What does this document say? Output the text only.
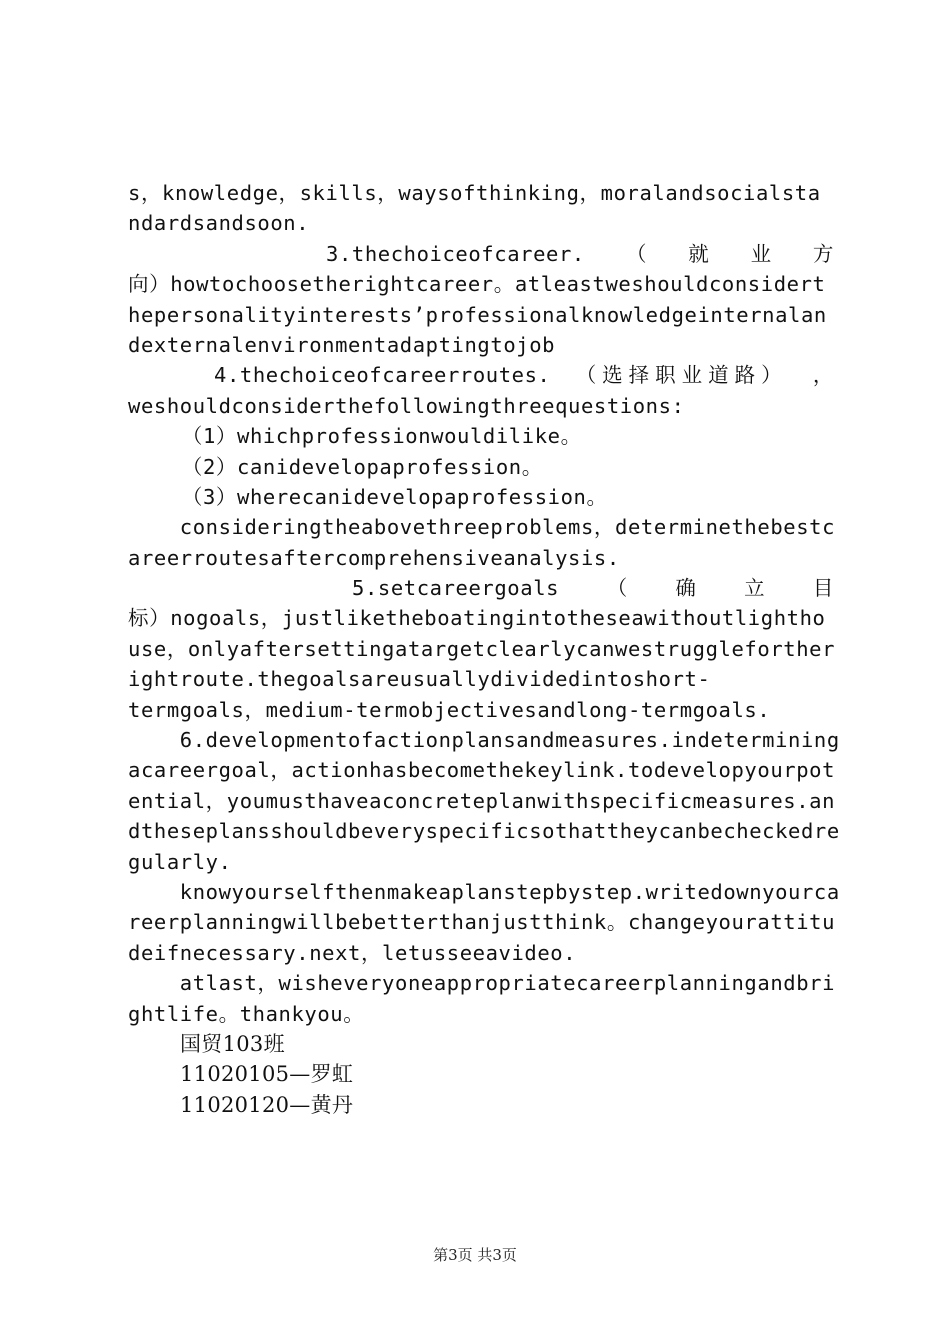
s，knowledge，skills，waysofthinking，moralandsocialsta
ndardsandsoon.
3.thechoiceofcareer. （ 就 业 方
向）howtochoosetherightcareer。atleastweshouldconsidert
hepersonalityinterests’professionalknowledgeinternalan
dexternalenvironmentadaptingtojob
4.thechoiceofcareerroutes. （选择职业道路） ，
weshouldconsiderthefollowingthreequestions:
（1）whichprofessionwouldilike。
（2）canidevelopaprofession。
（3）wherecanidevelopaprofession。
consideringtheabovethreeproblems，determinethebestc
areerroutesaftercomprehensiveanalysis.
5.setcareergoals （ 确 立 目
标）nogoals，justliketheboatingintotheseawithoutlightho
use，onlyaftersettingatargetclearlycanwestruggleforther
ightroute.thegoalsareusuallydividedintoshort-
termgoals，medium-termobjectivesandlong-termgoals.
6.developmentofactionplansandmeasures.indetermining
acareergoal，actionhasbecomethekeylink.todevelopyourpot
ential，youmusthaveaconcreteplanwithspecificmeasures.an
dtheseplansshouldbeveryspecificsothattheycanbecheckedre
gularly.
knowyourselfthenmakeaplanstepbystep.writedownyourca
reerplanningwillbebetterthanjustthink。changeyourattitu
deifnecessary.next，letusseeavideo.
atlast，wisheveryoneappropriatecareerplanningandbri
ghtlife。thankyou。
国贸103班
11020105—罗虹
11020120—黄丹
第3页 共3页
